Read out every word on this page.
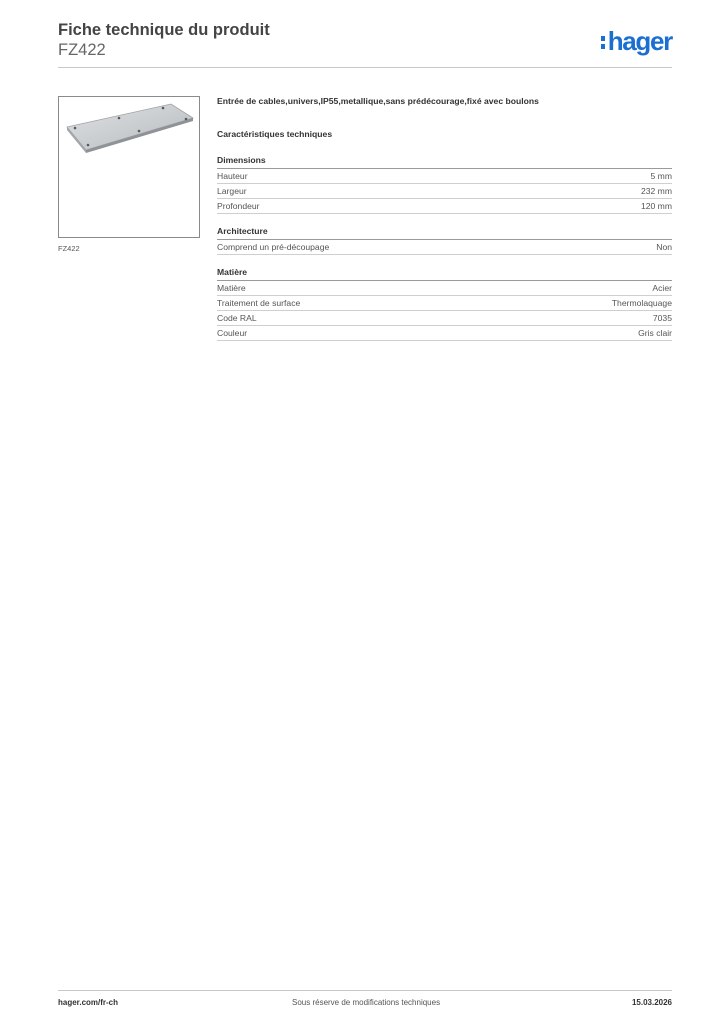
Fiche technique du produit
FZ422	hager
FZ422
Entrée de cables,univers,IP55,metallique,sans prédécourage,fixé avec boulons
Caractéristiques techniques
Dimensions
Hauteur	5 mm
Largeur	232 mm
Profondeur	120 mm
Architecture
Comprend un pré-découpage	Non
Matière
Matière	Acier
Traitement de surface	Thermolaquage
Code RAL	7035
Couleur	Gris clair
hager.com/fr-ch	Sous réserve de modifications techniques	15.03.2026
